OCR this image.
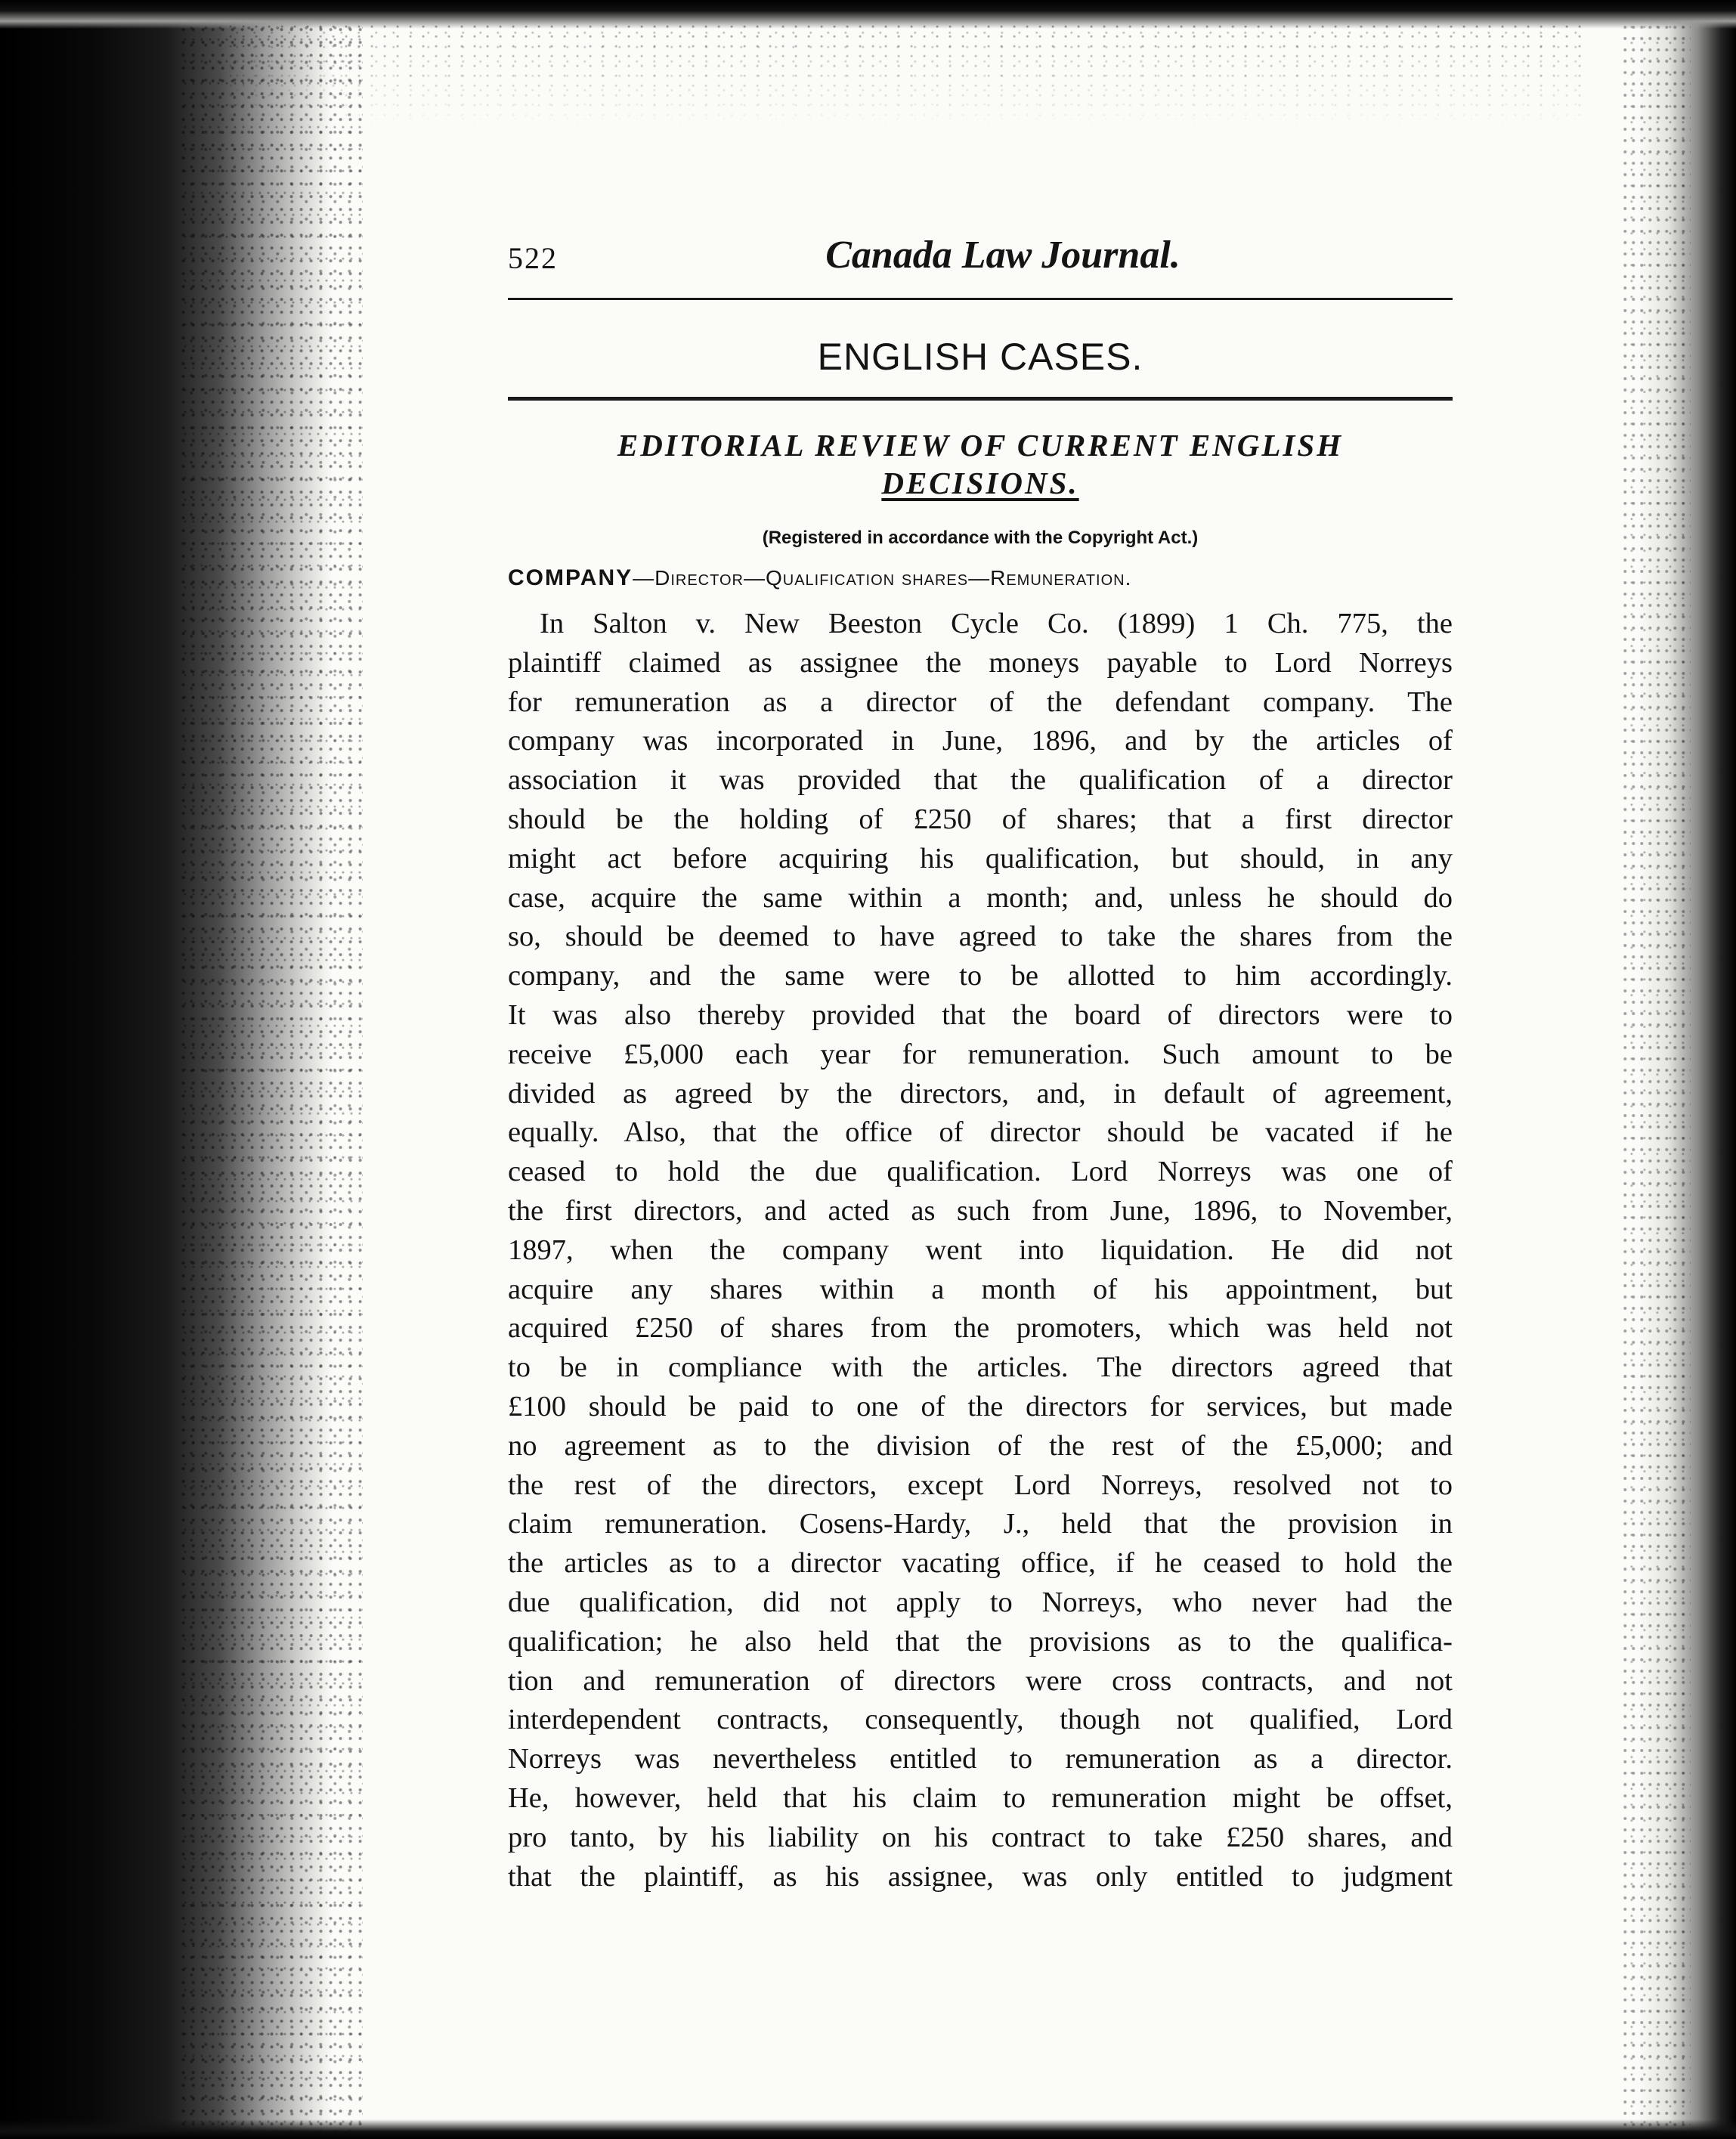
522	Canada Law Journal.
ENGLISH CASES.
EDITORIAL REVIEW OF CURRENT ENGLISH
DECISIONS.
(Registered in accordance with the Copyright Act.)
COMPANY—Director—Qualification shares—Remuneration.
In Salton v. New Beeston Cycle Co. (1899) 1 Ch. 775, the
plaintiff claimed as assignee the moneys payable to Lord Norreys
for remuneration as a director of the defendant company. The
company was incorporated in June, 1896, and by the articles of
association it was provided that the qualification of a director
should be the holding of £250 of shares; that a first director
might act before acquiring his qualification, but should, in any
case, acquire the same within a month; and, unless he should do
so, should be deemed to have agreed to take the shares from the
company, and the same were to be allotted to him accordingly.
It was also thereby provided that the board of directors were to
receive £5,000 each year for remuneration. Such amount to be
divided as agreed by the directors, and, in default of agreement,
equally. Also, that the office of director should be vacated if he
ceased to hold the due qualification. Lord Norreys was one of
the first directors, and acted as such from June, 1896, to November,
1897, when the company went into liquidation. He did not
acquire any shares within a month of his appointment, but
acquired £250 of shares from the promoters, which was held not
to be in compliance with the articles. The directors agreed that
£100 should be paid to one of the directors for services, but made
no agreement as to the division of the rest of the £5,000; and
the rest of the directors, except Lord Norreys, resolved not to
claim remuneration. Cosens-Hardy, J., held that the provision in
the articles as to a director vacating office, if he ceased to hold the
due qualification, did not apply to Norreys, who never had the
qualification; he also held that the provisions as to the qualifica-
tion and remuneration of directors were cross contracts, and not
interdependent contracts, consequently, though not qualified, Lord
Norreys was nevertheless entitled to remuneration as a director.
He, however, held that his claim to remuneration might be offset,
pro tanto, by his liability on his contract to take £250 shares, and
that the plaintiff, as his assignee, was only entitled to judgment
